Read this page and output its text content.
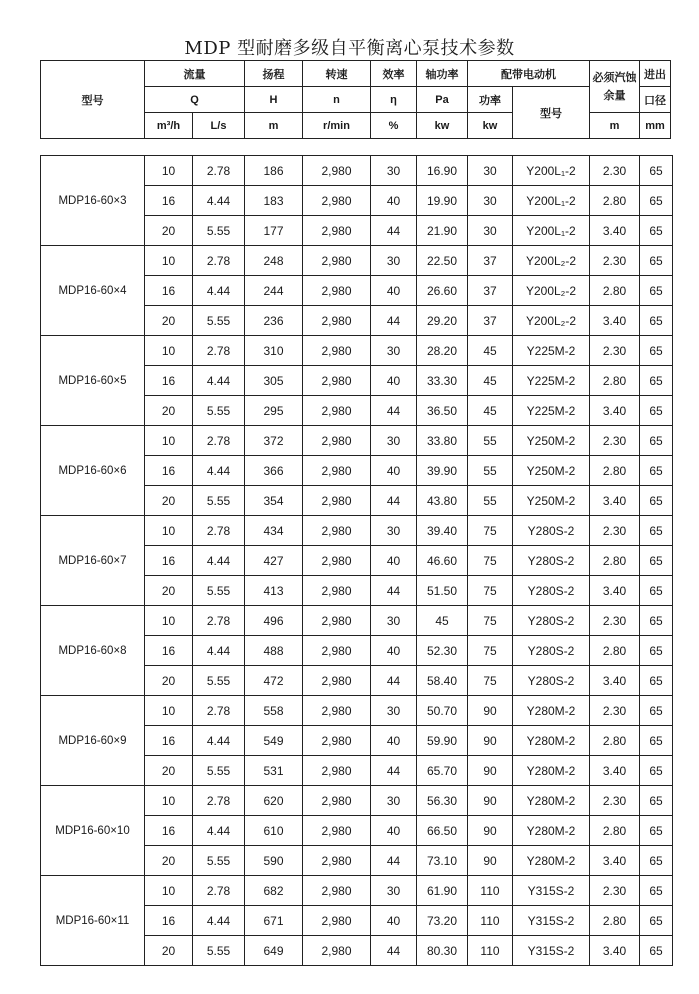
MDP 型耐磨多级自平衡离心泵技术参数
型号	流量		扬程	转速	效率	轴功率	配带电动机		必须汽蚀余量	进出
	Q		H	n	η	Pa	功率	型号		口径
	m³/h	L/s	m	r/min	%	kw	kw		m	mm
MDP16-60×3	10	2.78	186	2,980	30	16.90	30	Y200L₁-2	2.30	65
	16	4.44	183	2,980	40	19.90	30	Y200L₁-2	2.80	65
	20	5.55	177	2,980	44	21.90	30	Y200L₁-2	3.40	65
MDP16-60×4	10	2.78	248	2,980	30	22.50	37	Y200L₂-2	2.30	65
	16	4.44	244	2,980	40	26.60	37	Y200L₂-2	2.80	65
	20	5.55	236	2,980	44	29.20	37	Y200L₂-2	3.40	65
MDP16-60×5	10	2.78	310	2,980	30	28.20	45	Y225M-2	2.30	65
	16	4.44	305	2,980	40	33.30	45	Y225M-2	2.80	65
	20	5.55	295	2,980	44	36.50	45	Y225M-2	3.40	65
MDP16-60×6	10	2.78	372	2,980	30	33.80	55	Y250M-2	2.30	65
	16	4.44	366	2,980	40	39.90	55	Y250M-2	2.80	65
	20	5.55	354	2,980	44	43.80	55	Y250M-2	3.40	65
MDP16-60×7	10	2.78	434	2,980	30	39.40	75	Y280S-2	2.30	65
	16	4.44	427	2,980	40	46.60	75	Y280S-2	2.80	65
	20	5.55	413	2,980	44	51.50	75	Y280S-2	3.40	65
MDP16-60×8	10	2.78	496	2,980	30	45	75	Y280S-2	2.30	65
	16	4.44	488	2,980	40	52.30	75	Y280S-2	2.80	65
	20	5.55	472	2,980	44	58.40	75	Y280S-2	3.40	65
MDP16-60×9	10	2.78	558	2,980	30	50.70	90	Y280M-2	2.30	65
	16	4.44	549	2,980	40	59.90	90	Y280M-2	2.80	65
	20	5.55	531	2,980	44	65.70	90	Y280M-2	3.40	65
MDP16-60×10	10	2.78	620	2,980	30	56.30	90	Y280M-2	2.30	65
	16	4.44	610	2,980	40	66.50	90	Y280M-2	2.80	65
	20	5.55	590	2,980	44	73.10	90	Y280M-2	3.40	65
MDP16-60×11	10	2.78	682	2,980	30	61.90	110	Y315S-2	2.30	65
	16	4.44	671	2,980	40	73.20	110	Y315S-2	2.80	65
	20	5.55	649	2,980	44	80.30	110	Y315S-2	3.40	65
